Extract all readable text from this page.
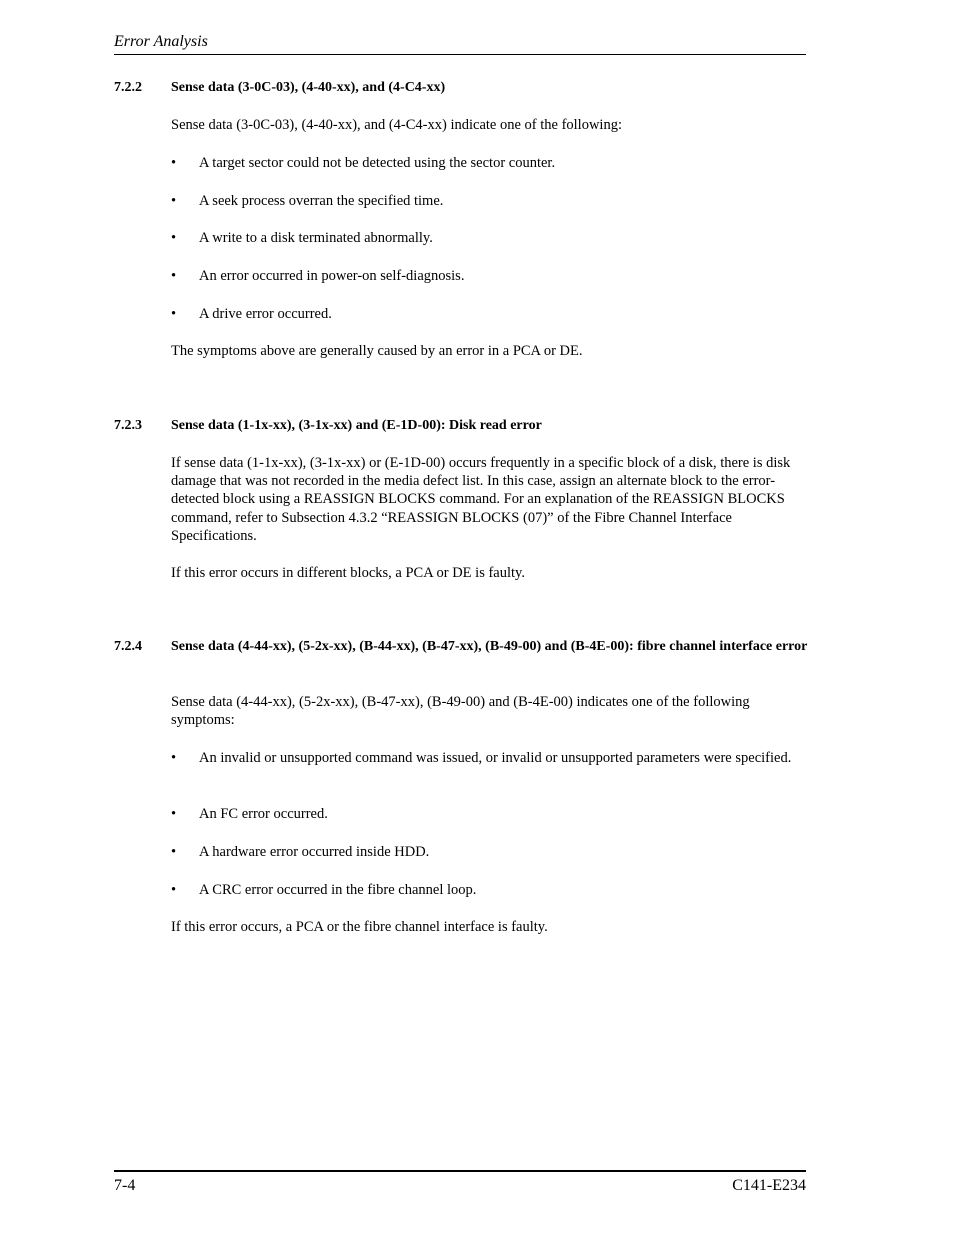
Error Analysis
7.2.2 Sense data (3-0C-03), (4-40-xx), and (4-C4-xx)
Sense data (3-0C-03), (4-40-xx), and (4-C4-xx) indicate one of the following:
•	A target sector could not be detected using the sector counter.
•	A seek process overran the specified time.
•	A write to a disk terminated abnormally.
•	An error occurred in power-on self-diagnosis.
•	A drive error occurred.
The symptoms above are generally caused by an error in a PCA or DE.
7.2.3 Sense data (1-1x-xx), (3-1x-xx) and (E-1D-00): Disk read error
If sense data (1-1x-xx), (3-1x-xx) or (E-1D-00) occurs frequently in a specific block of a disk, there is disk damage that was not recorded in the media defect list. In this case, assign an alternate block to the error-detected block using a REASSIGN BLOCKS command. For an explanation of the REASSIGN BLOCKS command, refer to Subsection 4.3.2 “REASSIGN BLOCKS (07)” of the Fibre Channel Interface Specifications.
If this error occurs in different blocks, a PCA or DE is faulty.
7.2.4 Sense data (4-44-xx), (5-2x-xx), (B-44-xx), (B-47-xx), (B-49-00) and (B-4E-00): fibre channel interface error
Sense data (4-44-xx), (5-2x-xx), (B-47-xx), (B-49-00) and (B-4E-00) indicates one of the following symptoms:
•	An invalid or unsupported command was issued, or invalid or unsupported parameters were specified.
•	An FC error occurred.
•	A hardware error occurred inside HDD.
•	A CRC error occurred in the fibre channel loop.
If this error occurs, a PCA or the fibre channel interface is faulty.
7-4	C141-E234
